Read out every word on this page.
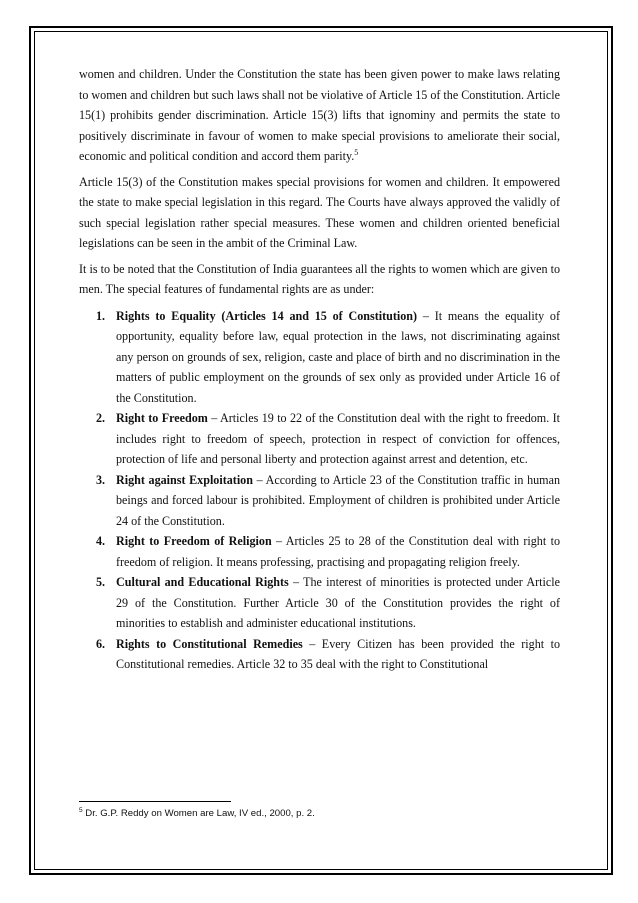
women and children. Under the Constitution the state has been given power to make laws relating to women and children but such laws shall not be violative of Article 15 of the Constitution. Article 15(1) prohibits gender discrimination. Article 15(3) lifts that ignominy and permits the state to positively discriminate in favour of women to make special provisions to ameliorate their social, economic and political condition and accord them parity.$^5$

Article 15(3) of the Constitution makes special provisions for women and children. It empowered the state to make special legislation in this regard. The Courts have always approved the validly of such special legislation rather special measures. These women and children oriented beneficial legislations can be seen in the ambit of the Criminal Law.

It is to be noted that the Constitution of India guarantees all the rights to women which are given to men. The special features of fundamental rights are as under:

1. Rights to Equality (Articles 14 and 15 of Constitution) – It means the equality of opportunity, equality before law, equal protection in the laws, not discriminating against any person on grounds of sex, religion, caste and place of birth and no discrimination in the matters of public employment on the grounds of sex only as provided under Article 16 of the Constitution.
2. Right to Freedom – Articles 19 to 22 of the Constitution deal with the right to freedom. It includes right to freedom of speech, protection in respect of conviction for offences, protection of life and personal liberty and protection against arrest and detention, etc.
3. Right against Exploitation – According to Article 23 of the Constitution traffic in human beings and forced labour is prohibited. Employment of children is prohibited under Article 24 of the Constitution.
4. Right to Freedom of Religion – Articles 25 to 28 of the Constitution deal with right to freedom of religion. It means professing, practising and propagating religion freely.
5. Cultural and Educational Rights – The interest of minorities is protected under Article 29 of the Constitution. Further Article 30 of the Constitution provides the right of minorities to establish and administer educational institutions.
6. Rights to Constitutional Remedies – Every Citizen has been provided the right to Constitutional remedies. Article 32 to 35 deal with the right to Constitutional
$^5$ Dr. G.P. Reddy on Women are Law, IV ed., 2000, p. 2.
